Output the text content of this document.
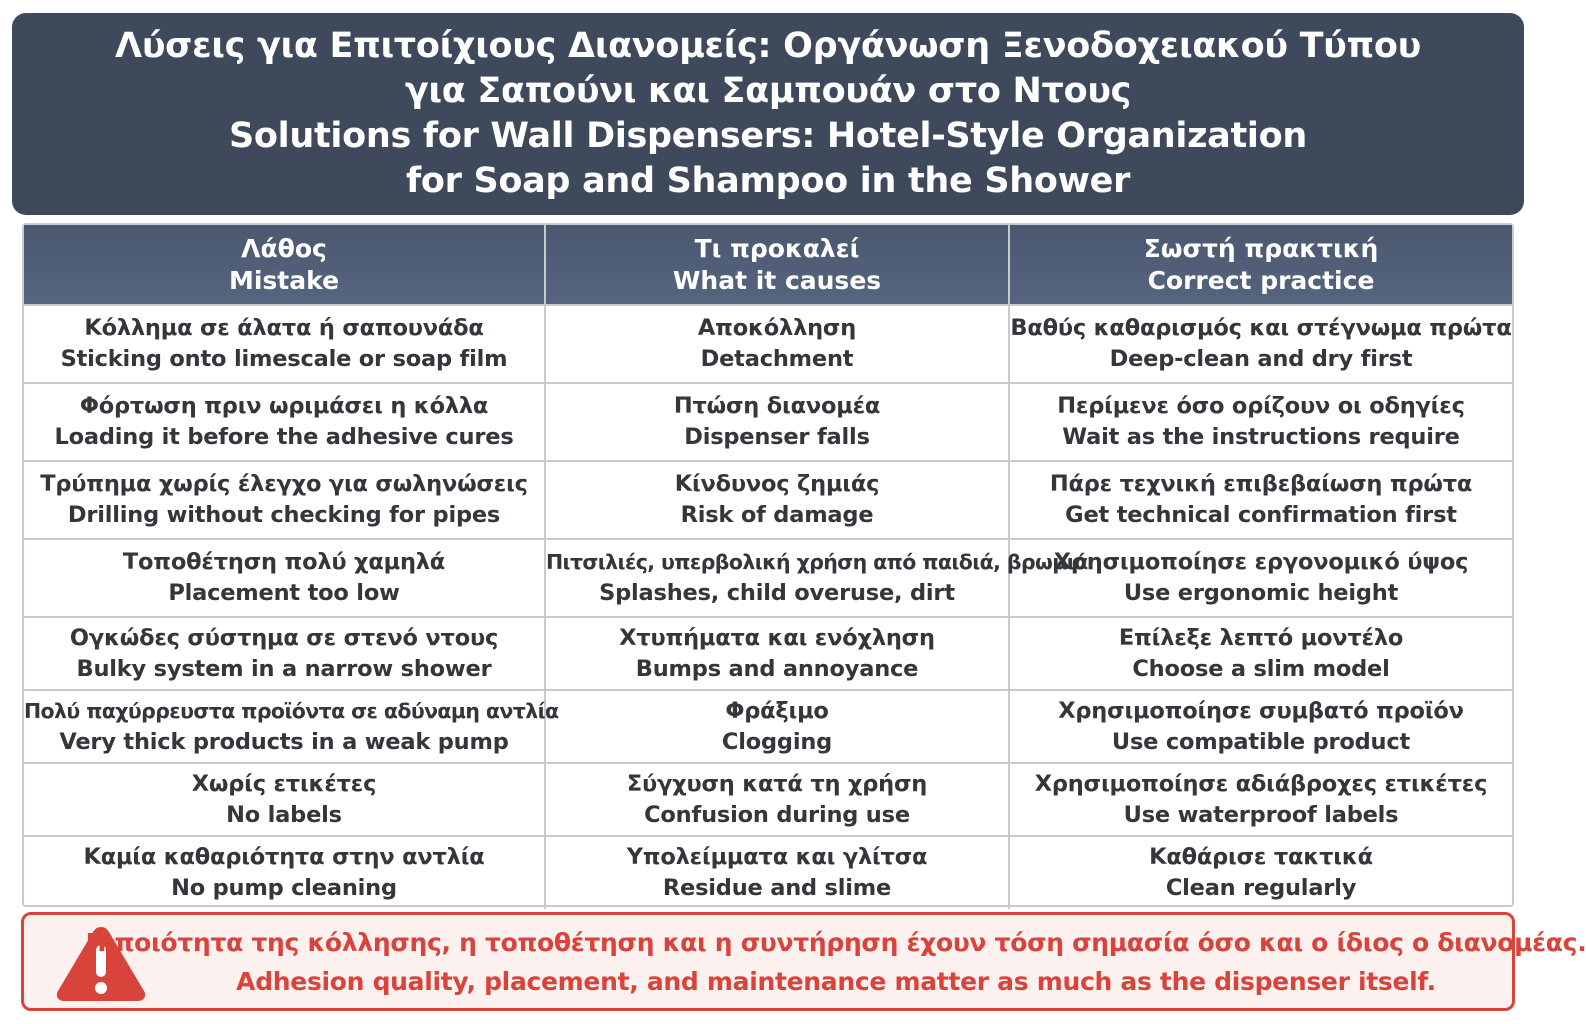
Λύσεις για Επιτοίχιους Διανομείς: Οργάνωση Ξενοδοχειακού Τύπου
για Σαπούνι και Σαμπουάν στο Ντους
Solutions for Wall Dispensers: Hotel-Style Organization
for Soap and Shampoo in the Shower
Λάθος
Mistake	Τι προκαλεί
What it causes	Σωστή πρακτική
Correct practice

Κόλλημα σε άλατα ή σαπουνάδα
Sticking onto limescale or soap film	Αποκόλληση
Detachment	Βαθύς καθαρισμός και στέγνωμα πρώτα
Deep-clean and dry first

Φόρτωση πριν ωριμάσει η κόλλα
Loading it before the adhesive cures	Πτώση διανομέα
Dispenser falls	Περίμενε όσο ορίζουν οι οδηγίες
Wait as the instructions require

Τρύπημα χωρίς έλεγχο για σωληνώσεις
Drilling without checking for pipes	Κίνδυνος ζημιάς
Risk of damage	Πάρε τεχνική επιβεβαίωση πρώτα
Get technical confirmation first

Τοποθέτηση πολύ χαμηλά
Placement too low	Πιτσιλιές, υπερβολική χρήση από παιδιά, βρωμιά
Splashes, child overuse, dirt	Χρησιμοποίησε εργονομικό ύψος
Use ergonomic height

Ογκώδες σύστημα σε στενό ντους
Bulky system in a narrow shower	Χτυπήματα και ενόχληση
Bumps and annoyance	Επίλεξε λεπτό μοντέλο
Choose a slim model

Πολύ παχύρρευστα προϊόντα σε αδύναμη αντλία
Very thick products in a weak pump	Φράξιμο
Clogging	Χρησιμοποίησε συμβατό προϊόν
Use compatible product

Χωρίς ετικέτες
No labels	Σύγχυση κατά τη χρήση
Confusion during use	Χρησιμοποίησε αδιάβροχες ετικέτες
Use waterproof labels

Καμία καθαριότητα στην αντλία
No pump cleaning	Υπολείμματα και γλίτσα
Residue and slime	Καθάρισε τακτικά
Clean regularly
Η ποιότητα της κόλλησης, η τοποθέτηση και η συντήρηση έχουν τόση σημασία όσο και ο ίδιος ο διανομέας.
Adhesion quality, placement, and maintenance matter as much as the dispenser itself.
